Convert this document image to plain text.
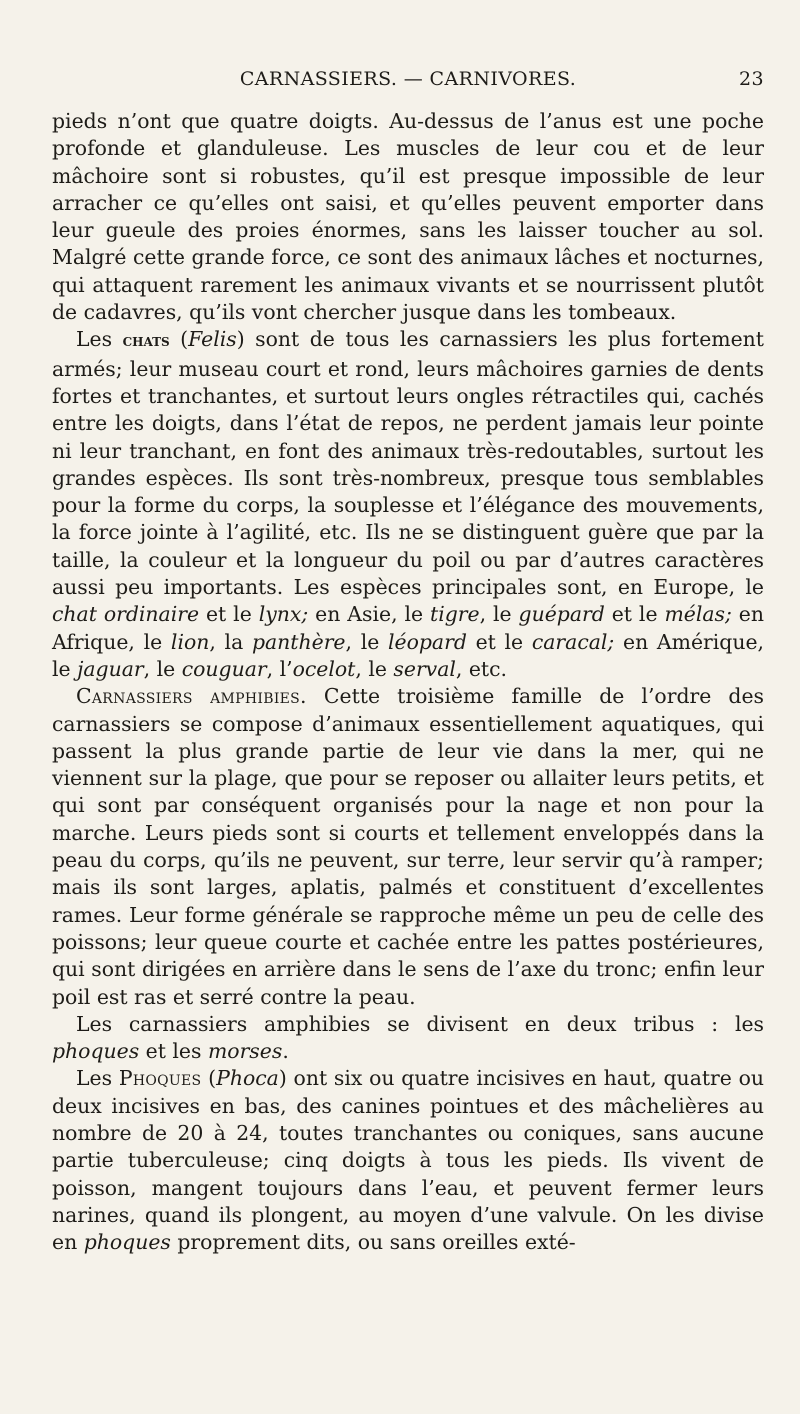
CARNASSIERS. — CARNIVORES.	23

pieds n’ont que quatre doigts. Au-dessus de l’anus est une poche profonde et glanduleuse. Les muscles de leur cou et de leur mâchoire sont si robustes, qu’il est presque impossible de leur arracher ce qu’elles ont saisi, et qu’elles peuvent emporter dans leur gueule des proies énormes, sans les laisser toucher au sol. Malgré cette grande force, ce sont des animaux lâches et nocturnes, qui attaquent rarement les animaux vivants et se nourrissent plutôt de cadavres, qu’ils vont chercher jusque dans les tombeaux.

Les chats (Felis) sont de tous les carnassiers les plus fortement armés; leur museau court et rond, leurs mâchoires garnies de dents fortes et tranchantes, et surtout leurs ongles rétractiles qui, cachés entre les doigts, dans l’état de repos, ne perdent jamais leur pointe ni leur tranchant, en font des animaux très-redoutables, surtout les grandes espèces. Ils sont très-nombreux, presque tous semblables pour la forme du corps, la souplesse et l’élégance des mouvements, la force jointe à l’agilité, etc. Ils ne se distinguent guère que par la taille, la couleur et la longueur du poil ou par d’autres caractères aussi peu importants. Les espèces principales sont, en Europe, le chat ordinaire et le lynx; en Asie, le tigre, le guépard et le mélas; en Afrique, le lion, la panthère, le léopard et le caracal; en Amérique, le jaguar, le couguar, l’ocelot, le serval, etc.

Carnassiers amphibies. Cette troisième famille de l’ordre des carnassiers se compose d’animaux essentiellement aquatiques, qui passent la plus grande partie de leur vie dans la mer, qui ne viennent sur la plage, que pour se reposer ou allaiter leurs petits, et qui sont par conséquent organisés pour la nage et non pour la marche. Leurs pieds sont si courts et tellement enveloppés dans la peau du corps, qu’ils ne peuvent, sur terre, leur servir qu’à ramper; mais ils sont larges, aplatis, palmés et constituent d’excellentes rames. Leur forme générale se rapproche même un peu de celle des poissons; leur queue courte et cachée entre les pattes postérieures, qui sont dirigées en arrière dans le sens de l’axe du tronc; enfin leur poil est ras et serré contre la peau.

Les carnassiers amphibies se divisent en deux tribus : les phoques et les morses.

Les Phoques (Phoca) ont six ou quatre incisives en haut, quatre ou deux incisives en bas, des canines pointues et des mâchelières au nombre de 20 à 24, toutes tranchantes ou coniques, sans aucune partie tuberculeuse; cinq doigts à tous les pieds. Ils vivent de poisson, mangent toujours dans l’eau, et peuvent fermer leurs narines, quand ils plongent, au moyen d’une valvule. On les divise en phoques proprement dits, ou sans oreilles exté-
